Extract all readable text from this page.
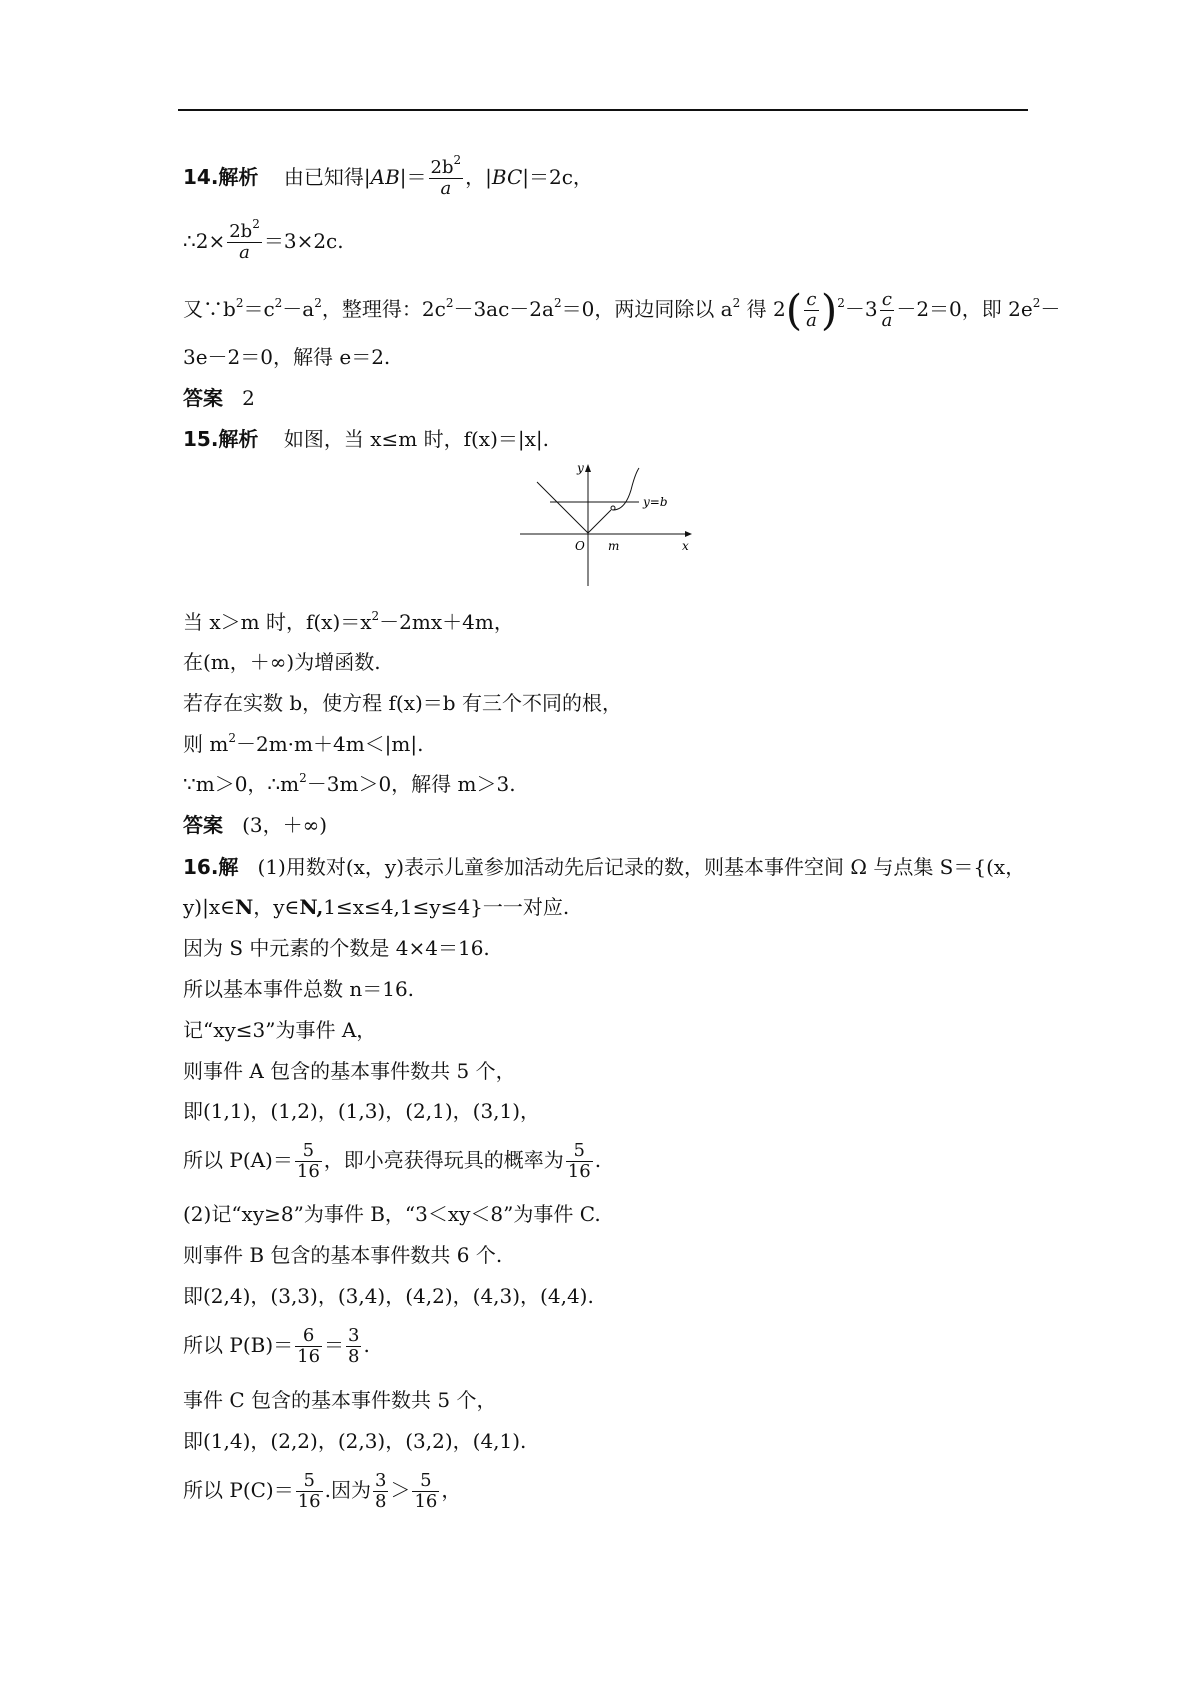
14.解析 由已知得$|AB|= \frac{2b^2}{a}$ ，|BC|＝2c，
∴2× $\frac{2b^2}{a} =3\times 2c$.
又$\because b^2=c^2-a^2$，整理得：$2c^2-3ac-2a^2=0$，两边同除以 $a^2$ 得 $2( \frac{c}{a} )^2-3 \frac{c}{a} -2=0$，即 $2e^2-$
3e－2＝0，解得 e＝2.
答案 2
15.解析 如图，当 x≤m 时，f(x)＝|x|.
y
x
O m
y=b
当 x＞m 时，$f(x)=x^2-2mx+4m$，
在(m，＋∞)为增函数.
若存在实数 b，使方程 f(x)＝b 有三个不同的根，
则 $m^2-2m\cdot m+4m<|m|$.
∵m＞0，$\therefore m^2-3m>0$，解得 m＞3.
答案 (3，＋∞)
16.解 (1)用数对(x，y)表示儿童参加活动先后记录的数，则基本事件空间 Ω 与点集 S＝{(x，
y)|x∈N，y∈N,1≤x≤4,1≤y≤4}一一对应.
因为 S 中元素的个数是 4×4＝16.
所以基本事件总数 n＝16.
记“xy≤3”为事件 A，
则事件 A 包含的基本事件数共 5 个，
即(1,1)，(1,2)，(1,3)，(2,1)，(3,1)，
所以 $P(A)= \frac{5}{16}$ ，即小亮获得玩具的概率为 $\frac{5}{16}$ .
(2)记“xy≥8”为事件 B，“3＜xy＜8”为事件 C.
则事件 B 包含的基本事件数共 6 个.
即(2,4)，(3,3)，(3,4)，(4,2)，(4,3)，(4,4).
所以 $P(B)= \frac{6}{16} = \frac{3}{8}$ .
事件 C 包含的基本事件数共 5 个，
即(1,4)，(2,2)，(2,3)，(3,2)，(4,1).
所以 $P(C)= \frac{5}{16}$ .因为 $\frac{3}{8} > \frac{5}{16}$ ，
